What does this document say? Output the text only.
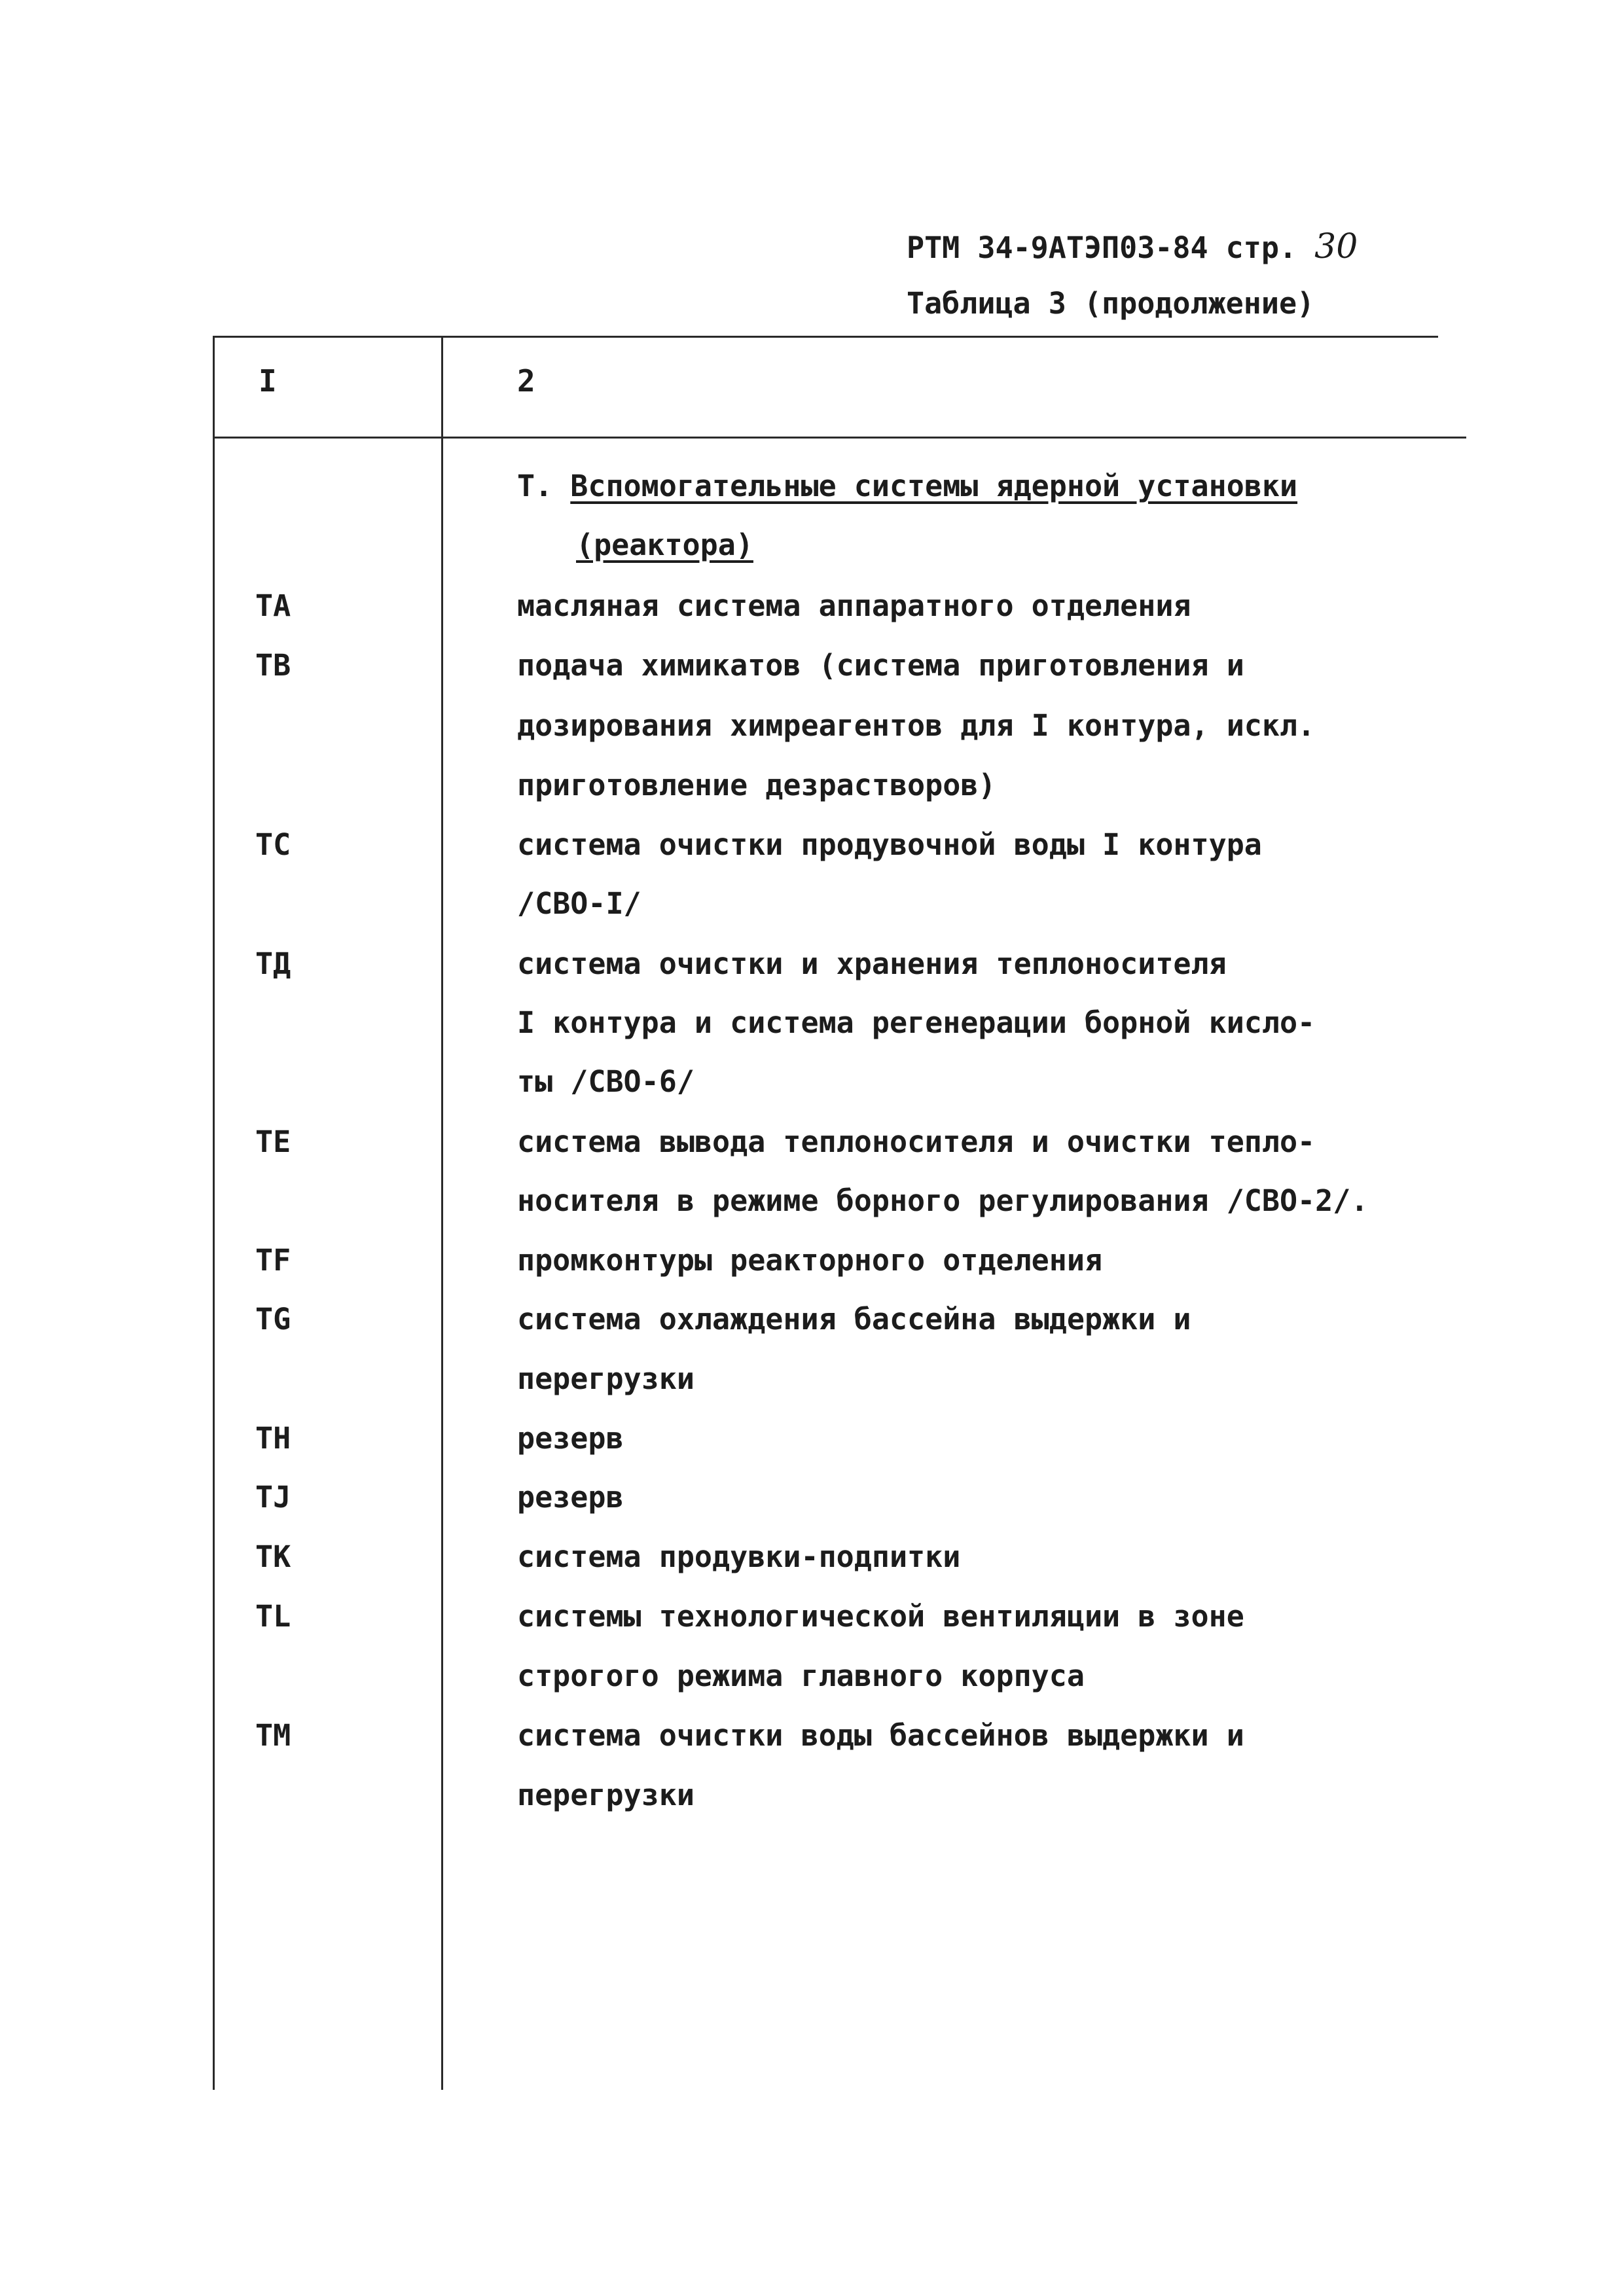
РТМ 34-9АТЭП03-84 стр. 30
Таблица 3 (продолжение)
I	2
Т. Вспомогательные системы ядерной установки
(реактора)
ТА	масляная система аппаратного отделения
ТВ	подача химикатов (система приготовления и
дозирования химреагентов для I контура, искл.
приготовление дезрастворов)
ТС	система очистки продувочной воды I контура
/СВО-I/
ТД	система очистки и хранения теплоносителя
I контура и система регенерации борной кисло-
ты /СВО-6/
ТЕ	система вывода теплоносителя и очистки тепло-
носителя в режиме борного регулирования /СВО-2/.
ТF	промконтуры реакторного отделения
ТG	система охлаждения бассейна выдержки и
перегрузки
ТН	резерв
ТJ	резерв
ТК	система продувки-подпитки
ТL	системы технологической вентиляции в зоне
строгого режима главного корпуса
ТМ	система очистки воды бассейнов выдержки и
перегрузки
